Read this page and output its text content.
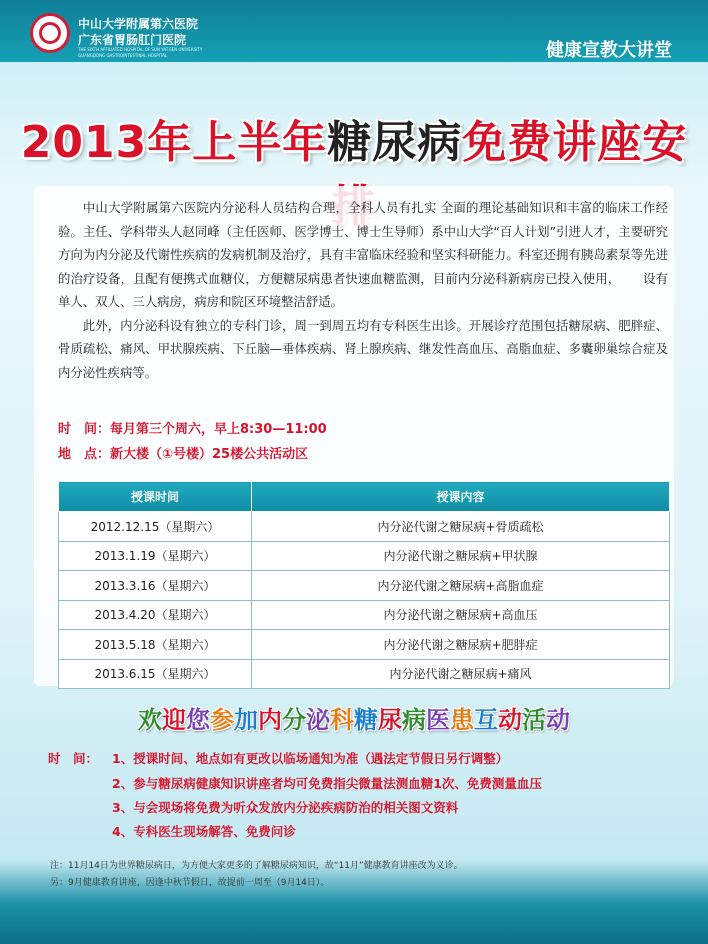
中山大学附属第六医院
广东省胃肠肛门医院
THE SIXTH AFFILIATED HOSPITAL OF SUN YAT-SEN UNIVERSITY
GUANGDONG GASTROINTESTINAL HOSPITAL	健康宣教大讲堂
2013年上半年糖尿病免费讲座安

中山大学附属第六医院内分泌科人员结构合理，全科人员有扎实 全面的理论基础知识和丰富的临床工作经验。主任、学科带头人赵同峰（主任医师、医学博士、博士生导师）系中山大学“百人计划”引进人才，主要研究方向为内分泌及代谢性疾病的发病机制及治疗，具有丰富临床经验和坚实科研能力。科室还拥有胰岛素泵等先进的治疗设备，且配有便携式血糖仪，方便糖尿病患者快速血糖监测，目前内分泌科新病房已投入使用，　　 设有单人、双人、三人病房，病房和院区环境整洁舒适。

此外，内分泌科设有独立的专科门诊，周一到周五均有专科医生出诊。开展诊疗范围包括糖尿病、肥胖症、骨质疏松、痛风、甲状腺疾病、下丘脑—垂体疾病、肾上腺疾病、继发性高血压、高脂血症、多囊卵巢综合症及内分泌性疾病等。

时　间：每月第三个周六，早上8:30—11:00
地　点：新大楼（①号楼）25楼公共活动区
授课时间	授课内容
2012.12.15（星期六）	内分泌代谢之糖尿病+骨质疏松
2013.1.19（星期六）	内分泌代谢之糖尿病+甲状腺
2013.3.16（星期六）	内分泌代谢之糖尿病+高脂血症
2013.4.20（星期六）	内分泌代谢之糖尿病+高血压
2013.5.18（星期六）	内分泌代谢之糖尿病+肥胖症
2013.6.15（星期六）	内分泌代谢之糖尿病+痛风
欢迎您参加内分泌科糖尿病医患互动活动
时　间： 1、授课时间、地点如有更改以临场通知为准（遇法定节假日另行调整）
2、参与糖尿病健康知识讲座者均可免费指尖微量法测血糖1次、免费测量血压
3、与会现场将免费为听众发放内分泌疾病防治的相关图文资料
4、专科医生现场解答、免费问诊
注：11月14日为世界糖尿病日，为方便大家更多的了解糖尿病知识，故“11月”健康教育讲座改为义诊。
另：9月健康教育讲座，因逢中秋节假日，故提前一周至（9月14日）。
